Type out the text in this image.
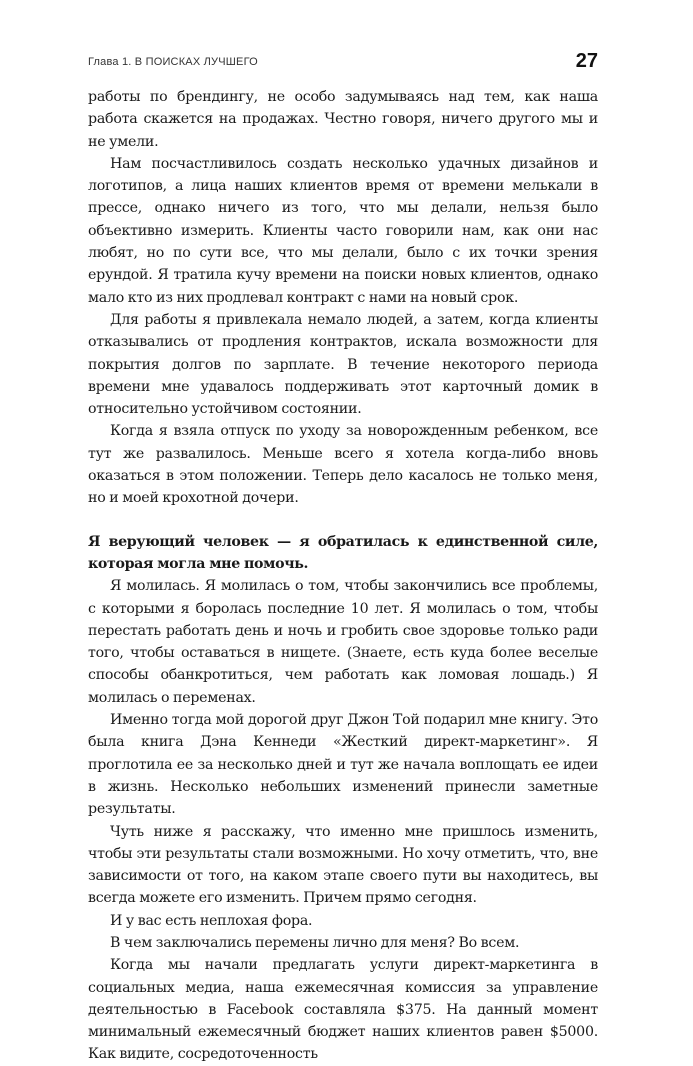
Глава 1. В ПОИСКАХ ЛУЧШЕГО	27

работы по брендингу, не особо задумываясь над тем, как наша работа скажется на продажах. Честно говоря, ничего другого мы и не умели.

Нам посчастливилось создать несколько удачных дизайнов и логотипов, а лица наших клиентов время от времени мелькали в прессе, однако ничего из того, что мы делали, нельзя было объективно измерить. Клиенты часто говорили нам, как они нас любят, но по сути все, что мы делали, было с их точки зрения ерундой. Я тратила кучу времени на поиски новых клиентов, однако мало кто из них продлевал контракт с нами на новый срок.

Для работы я привлекала немало людей, а затем, когда клиенты отказывались от продления контрактов, искала возможности для покрытия долгов по зарплате. В течение некоторого периода времени мне удавалось поддерживать этот карточный домик в относительно устойчивом состоянии.

Когда я взяла отпуск по уходу за новорожденным ребенком, все тут же развалилось. Меньше всего я хотела когда-либо вновь оказаться в этом положении. Теперь дело касалось не только меня, но и моей крохотной дочери.

Я верующий человек — я обратилась к единственной силе, которая могла мне помочь.

Я молилась. Я молилась о том, чтобы закончились все проблемы, с которыми я боролась последние 10 лет. Я молилась о том, чтобы перестать работать день и ночь и гробить свое здоровье только ради того, чтобы оставаться в нищете. (Знаете, есть куда более веселые способы обанкротиться, чем работать как ломовая лошадь.) Я молилась о переменах.

Именно тогда мой дорогой друг Джон Той подарил мне книгу. Это была книга Дэна Кеннеди «Жесткий директ-маркетинг». Я проглотила ее за несколько дней и тут же начала воплощать ее идеи в жизнь. Несколько небольших изменений принесли заметные результаты.

Чуть ниже я расскажу, что именно мне пришлось изменить, чтобы эти результаты стали возможными. Но хочу отметить, что, вне зависимости от того, на каком этапе своего пути вы находитесь, вы всегда можете его изменить. Причем прямо сегодня.

И у вас есть неплохая фора.

В чем заключались перемены лично для меня? Во всем.

Когда мы начали предлагать услуги директ-маркетинга в социальных медиа, наша ежемесячная комиссия за управление деятельностью в Facebook составляла $375. На данный момент минимальный ежемесячный бюджет наших клиентов равен $5000. Как видите, сосредоточенность
